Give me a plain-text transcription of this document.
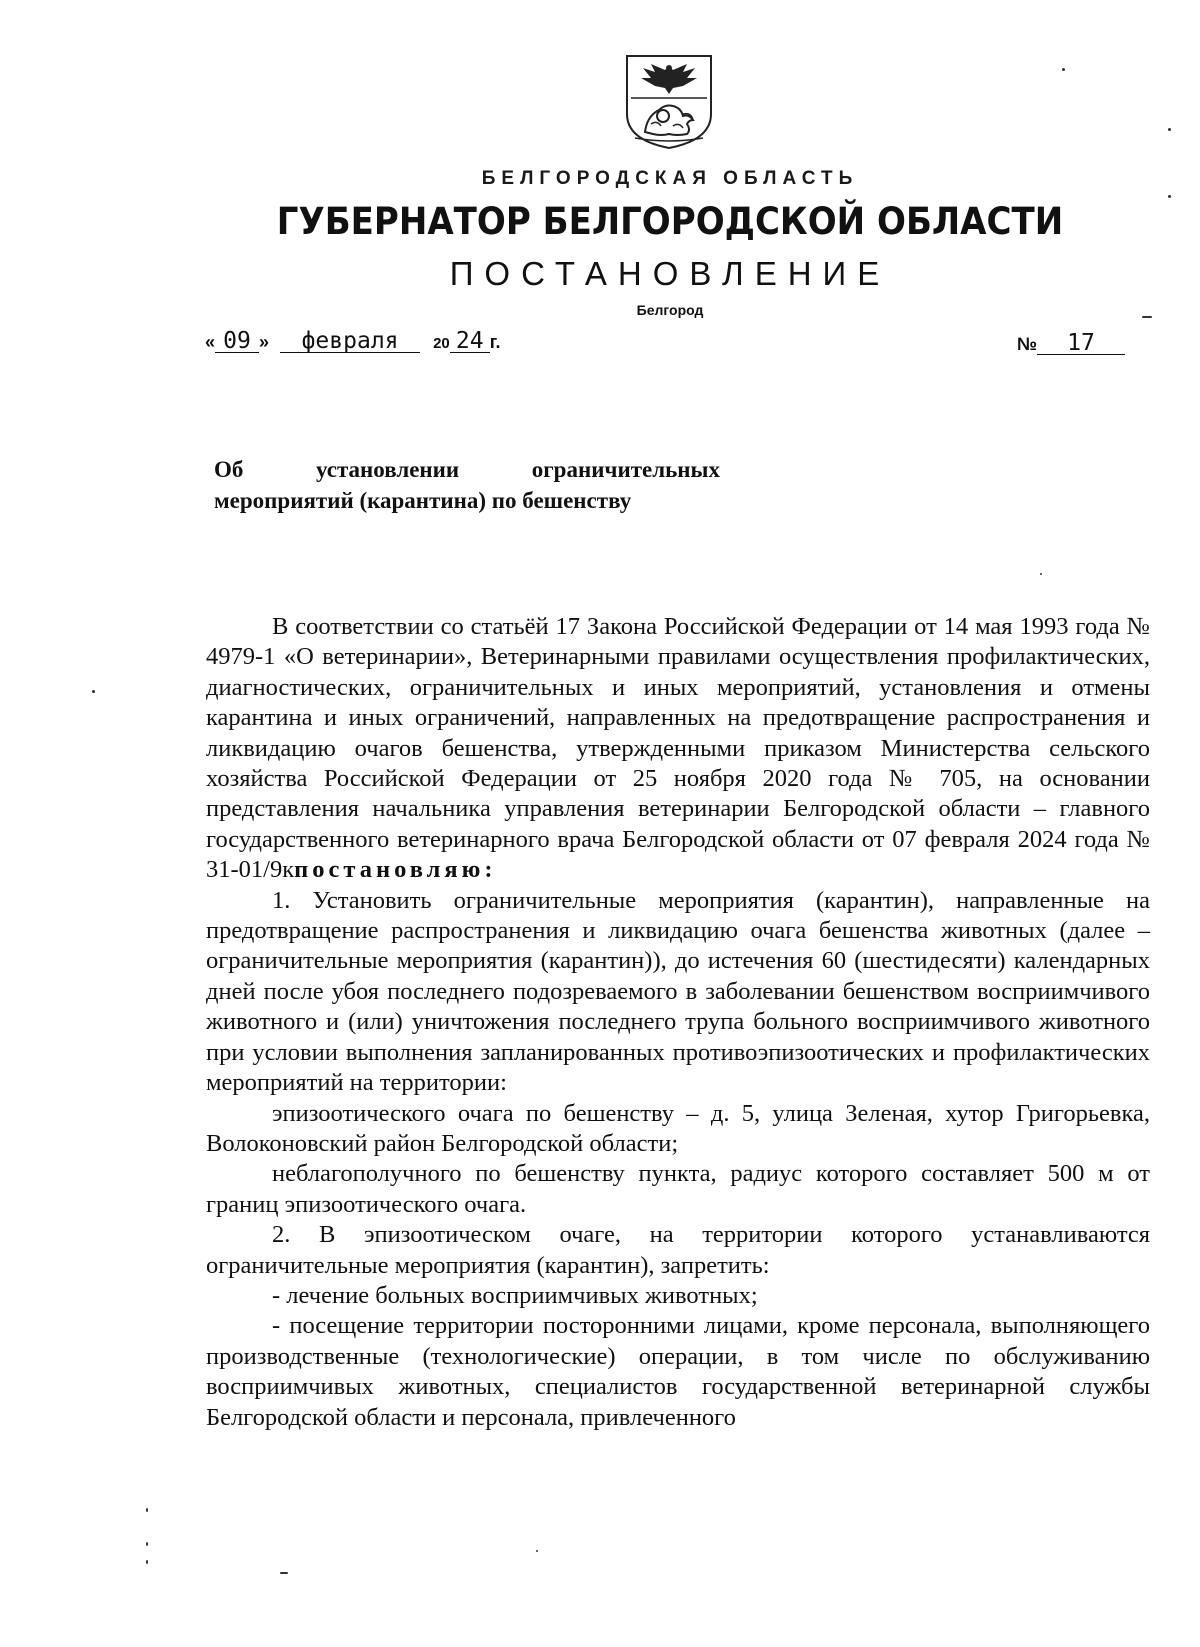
БЕЛГОРОДСКАЯ ОБЛАСТЬ
ГУБЕРНАТОР БЕЛГОРОДСКОЙ ОБЛАСТИ
ПОСТАНОВЛЕНИЕ
Белгород
« 09 » февраля 20 24 г.	№ 17
Об	установлении	ограничительных
мероприятий (карантина) по бешенству

В соответствии со статьёй 17 Закона Российской Федерации от 14 мая 1993 года № 4979-1 «О ветеринарии», Ветеринарными правилами осуществления профилактических, диагностических, ограничительных и иных мероприятий, установления и отмены карантина и иных ограничений, направленных на предотвращение распространения и ликвидацию очагов бешенства, утвержденными приказом Министерства сельского хозяйства Российской Федерации от 25 ноября 2020 года № 705, на основании представления начальника управления ветеринарии Белгородской области – главного государственного ветеринарного врача Белгородской области от 07 февраля 2024 года № 31-01/9кпостановляю:

1. Установить ограничительные мероприятия (карантин), направленные на предотвращение распространения и ликвидацию очага бешенства животных (далее – ограничительные мероприятия (карантин)), до истечения 60 (шестидесяти) календарных дней после убоя последнего подозреваемого в заболевании бешенством восприимчивого животного и (или) уничтожения последнего трупа больного восприимчивого животного при условии выполнения запланированных противоэпизоотических и профилактических мероприятий на территории:

эпизоотического очага по бешенству – д. 5, улица Зеленая, хутор Григорьевка, Волоконовский район Белгородской области;

неблагополучного по бешенству пункта, радиус которого составляет 500 м от границ эпизоотического очага.

2. В эпизоотическом очаге, на территории которого устанавливаются ограничительные мероприятия (карантин), запретить:

- лечение больных восприимчивых животных;

- посещение территории посторонними лицами, кроме персонала, выполняющего производственные (технологические) операции, в том числе по обслуживанию восприимчивых животных, специалистов государственной ветеринарной службы Белгородской области и персонала, привлеченного
